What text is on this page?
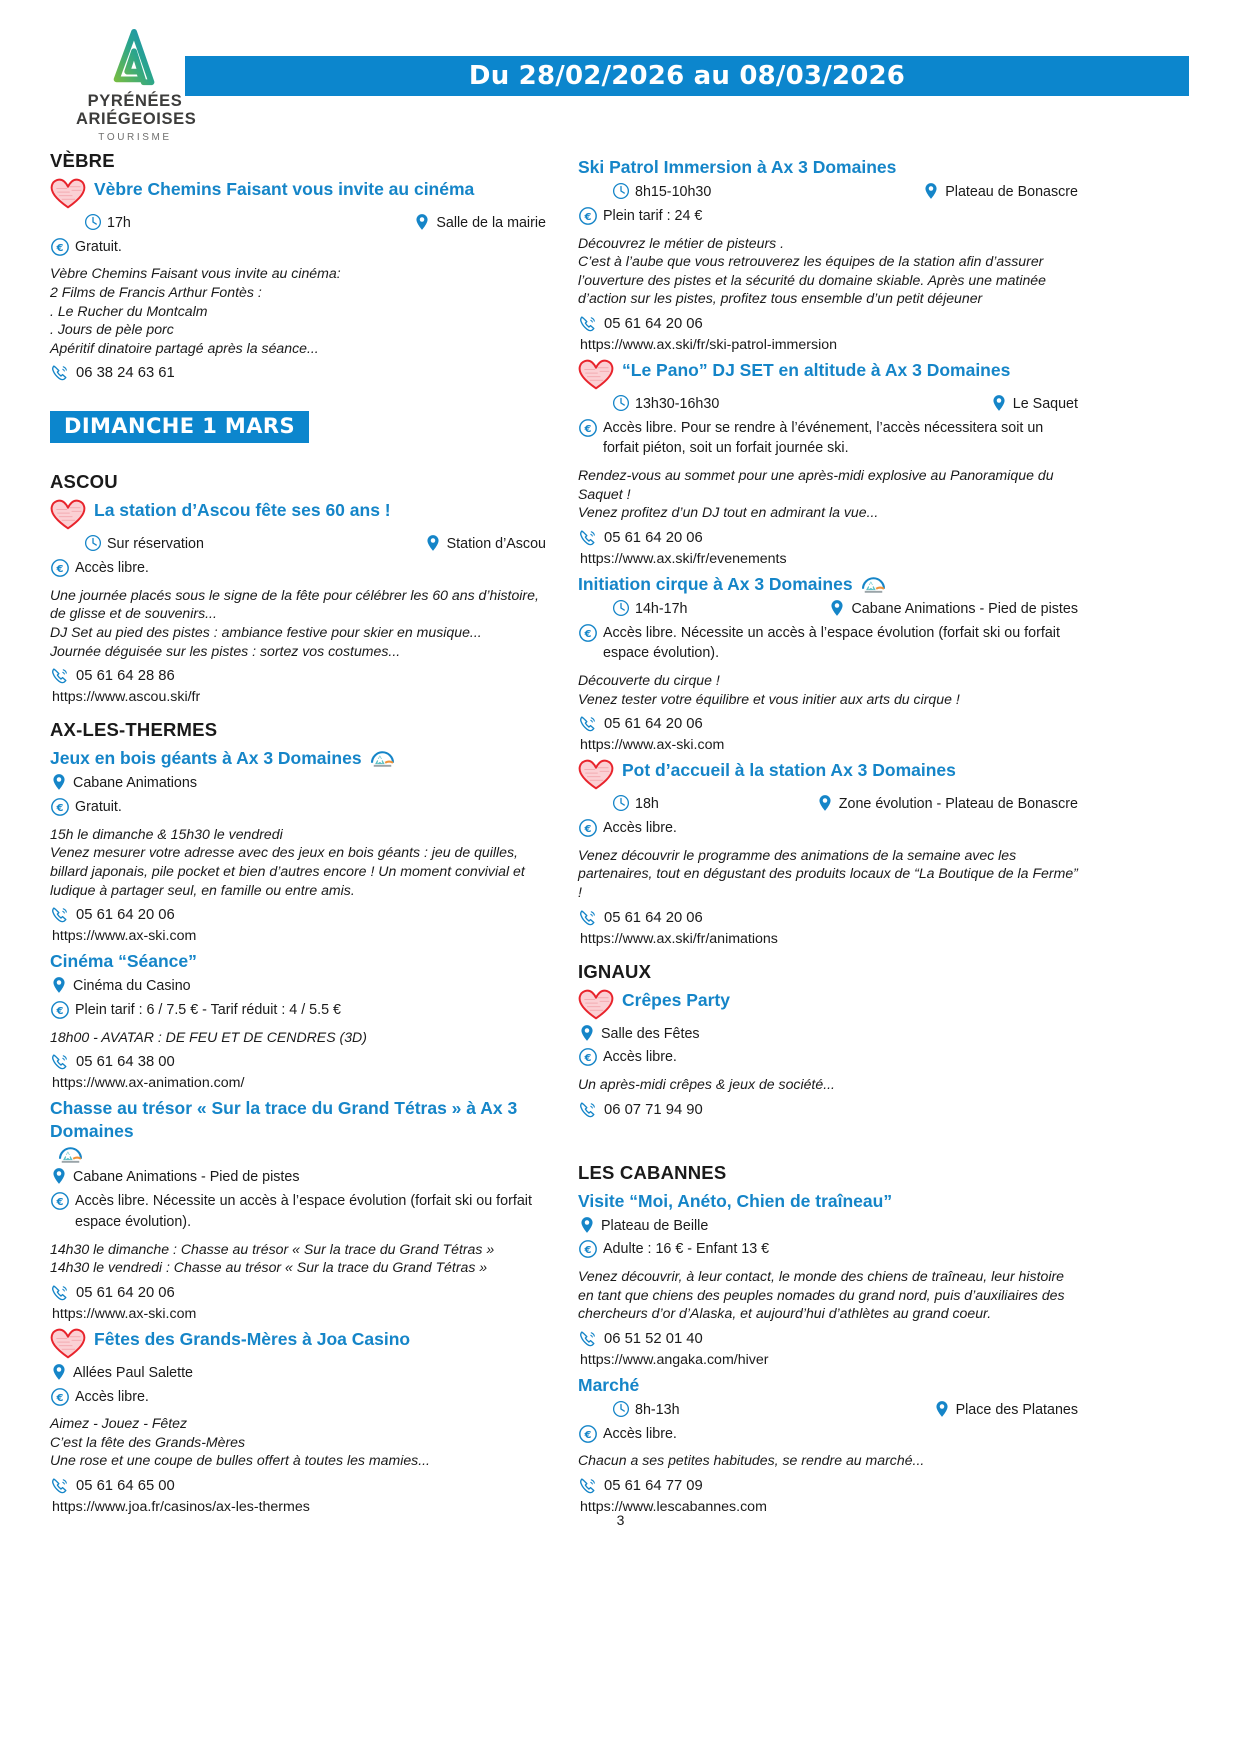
PYRÉNÉES
ARIÉGEOISES
TOURISME
Du 28/02/2026 au 08/03/2026
VÈBRE
Vèbre Chemins Faisant vous invite au cinéma
17h	Salle de la mairie
€ Gratuit.
Vèbre Chemins Faisant vous invite au cinéma:
2 Films de Francis Arthur Fontès :
. Le Rucher du Montcalm
. Jours de pèle porc
Apéritif dinatoire partagé après la séance...
06 38 24 63 61
DIMANCHE 1 MARS
ASCOU
La station d’Ascou fête ses 60 ans !
Sur réservation	Station d’Ascou
€ Accès libre.
Une journée placés sous le signe de la fête pour célébrer les 60 ans d’histoire, de glisse et de souvenirs...
DJ Set au pied des pistes : ambiance festive pour skier en musique...
Journée déguisée sur les pistes : sortez vos costumes...
05 61 64 28 86
https://www.ascou.ski/fr
AX-LES-THERMES
Jeux en bois géants à Ax 3 Domaines
Cabane Animations
€ Gratuit.
15h le dimanche & 15h30 le vendredi
Venez mesurer votre adresse avec des jeux en bois géants : jeu de quilles, billard japonais, pile pocket et bien d’autres encore ! Un moment convivial et ludique à partager seul, en famille ou entre amis.
05 61 64 20 06
https://www.ax-ski.com
Cinéma “Séance”
Cinéma du Casino
€ Plein tarif : 6 / 7.5 € - Tarif réduit : 4 / 5.5 €
18h00 - AVATAR : DE FEU ET DE CENDRES (3D)
05 61 64 38 00
https://www.ax-animation.com/
Chasse au trésor « Sur la trace du Grand Tétras » à Ax 3 Domaines
Cabane Animations - Pied de pistes
€ Accès libre. Nécessite un accès à l’espace évolution (forfait ski ou forfait espace évolution).
14h30 le dimanche : Chasse au trésor « Sur la trace du Grand Tétras »
14h30 le vendredi : Chasse au trésor « Sur la trace du Grand Tétras »
05 61 64 20 06
https://www.ax-ski.com
Fêtes des Grands-Mères à Joa Casino
Allées Paul Salette
€ Accès libre.
Aimez - Jouez - Fêtez
C’est la fête des Grands-Mères
Une rose et une coupe de bulles offert à toutes les mamies...
05 61 64 65 00
https://www.joa.fr/casinos/ax-les-thermes
Ski Patrol Immersion à Ax 3 Domaines
8h15-10h30	Plateau de Bonascre
€ Plein tarif : 24 €
Découvrez le métier de pisteurs .
C’est à l’aube que vous retrouverez les équipes de la station afin d’assurer l’ouverture des pistes et la sécurité du domaine skiable. Après une matinée d’action sur les pistes, profitez tous ensemble d’un petit déjeuner
05 61 64 20 06
https://www.ax.ski/fr/ski-patrol-immersion
“Le Pano” DJ SET en altitude à Ax 3 Domaines
13h30-16h30	Le Saquet
€ Accès libre. Pour se rendre à l’événement, l’accès nécessitera soit un forfait piéton, soit un forfait journée ski.
Rendez-vous au sommet pour une après-midi explosive au Panoramique du Saquet !
Venez profitez d’un DJ tout en admirant la vue...
05 61 64 20 06
https://www.ax.ski/fr/evenements
Initiation cirque à Ax 3 Domaines
14h-17h	Cabane Animations - Pied de pistes
€ Accès libre. Nécessite un accès à l’espace évolution (forfait ski ou forfait espace évolution).
Découverte du cirque !
Venez tester votre équilibre et vous initier aux arts du cirque !
05 61 64 20 06
https://www.ax-ski.com
Pot d’accueil à la station Ax 3 Domaines
18h	Zone évolution - Plateau de Bonascre
€ Accès libre.
Venez découvrir le programme des animations de la semaine avec les partenaires, tout en dégustant des produits locaux de “La Boutique de la Ferme” !
05 61 64 20 06
https://www.ax.ski/fr/animations
IGNAUX
Crêpes Party
Salle des Fêtes
€ Accès libre.
Un après-midi crêpes & jeux de société...
06 07 71 94 90
LES CABANNES
Visite “Moi, Anéto, Chien de traîneau”
Plateau de Beille
€ Adulte : 16 € - Enfant 13 €
Venez découvrir, à leur contact, le monde des chiens de traîneau, leur histoire en tant que chiens des peuples nomades du grand nord, puis d’auxiliaires des chercheurs d’or d’Alaska, et aujourd’hui d’athlètes au grand coeur.
06 51 52 01 40
https://www.angaka.com/hiver
Marché
8h-13h	Place des Platanes
€ Accès libre.
Chacun a ses petites habitudes, se rendre au marché...
05 61 64 77 09
https://www.lescabannes.com
3
